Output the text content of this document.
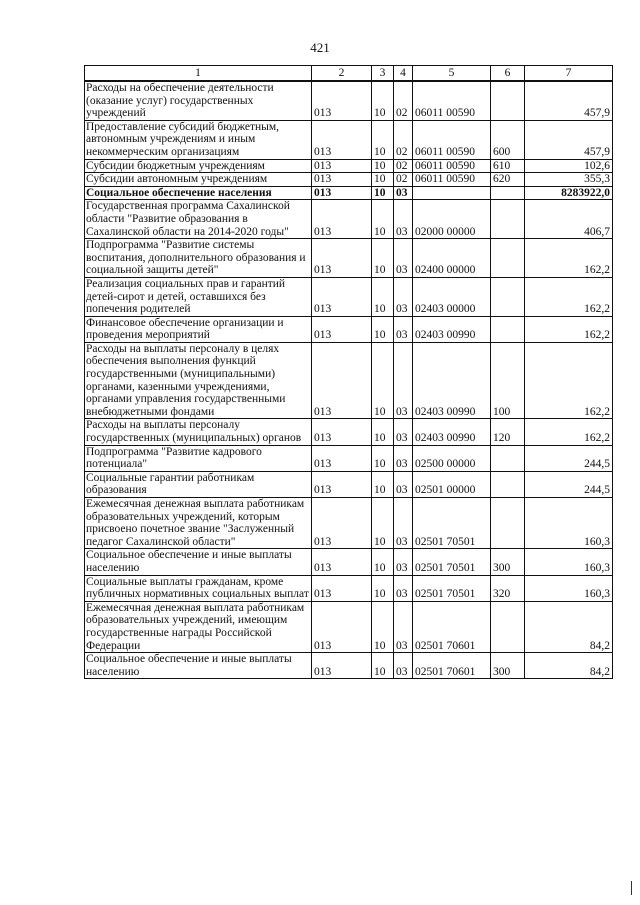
421
1	2	3	4	5	6	7
Расходы на обеспечение деятельности (оказание услуг) государственных учреждений	013	10	02	06011 00590		457,9
Предоставление субсидий бюджетным, автономным учреждениям и иным некоммерческим организациям	013	10	02	06011 00590	600	457,9
Субсидии бюджетным учреждениям	013	10	02	06011 00590	610	102,6
Субсидии автономным учреждениям	013	10	02	06011 00590	620	355,3
Социальное обеспечение населения	013	10	03			8283922,0
Государственная программа Сахалинской области "Развитие образования в Сахалинской области на 2014-2020 годы"	013	10	03	02000 00000		406,7
Подпрограмма "Развитие системы воспитания, дополнительного образования и социальной защиты детей"	013	10	03	02400 00000		162,2
Реализация социальных прав и гарантий детей-сирот и детей, оставшихся без попечения родителей	013	10	03	02403 00000		162,2
Финансовое обеспечение организации и проведения мероприятий	013	10	03	02403 00990		162,2
Расходы на выплаты персоналу в целях обеспечения выполнения функций государственными (муниципальными) органами, казенными учреждениями, органами управления государственными внебюджетными фондами	013	10	03	02403 00990	100	162,2
Расходы на выплаты персоналу государственных (муниципальных) органов	013	10	03	02403 00990	120	162,2
Подпрограмма "Развитие кадрового потенциала"	013	10	03	02500 00000		244,5
Социальные гарантии работникам образования	013	10	03	02501 00000		244,5
Ежемесячная денежная выплата работникам образовательных учреждений, которым присвоено почетное звание "Заслуженный педагог Сахалинской области"	013	10	03	02501 70501		160,3
Социальное обеспечение и иные выплаты населению	013	10	03	02501 70501	300	160,3
Социальные выплаты гражданам, кроме публичных нормативных социальных выплат	013	10	03	02501 70501	320	160,3
Ежемесячная денежная выплата работникам образовательных учреждений, имеющим государственные награды Российской Федерации	013	10	03	02501 70601		84,2
Социальное обеспечение и иные выплаты населению	013	10	03	02501 70601	300	84,2
